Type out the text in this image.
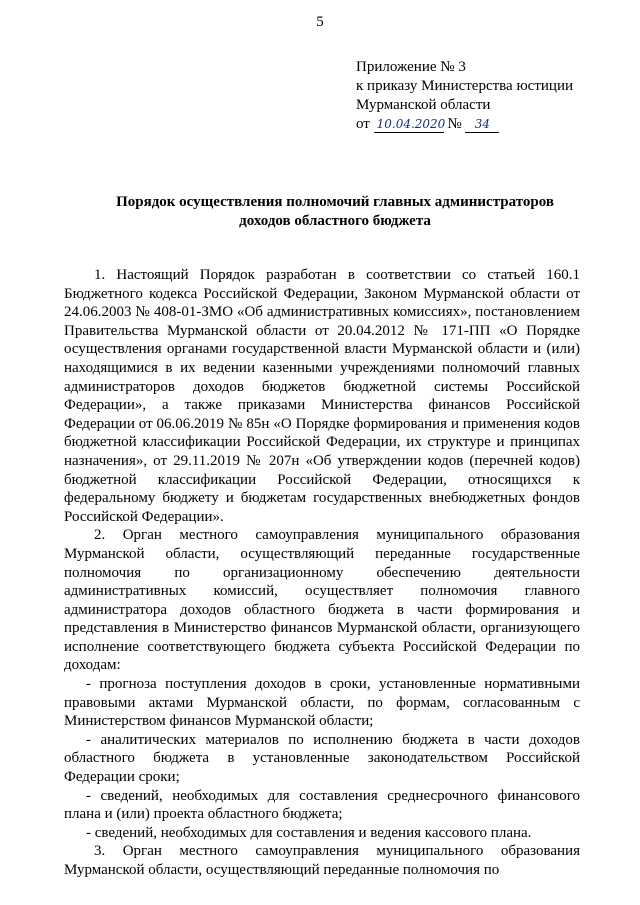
5
Приложение № 3
к приказу Министерства юстиции
Мурманской области
от 10.04.2020 № 34
Порядок осуществления полномочий главных администраторов
доходов областного бюджета

1. Настоящий Порядок разработан в соответствии со статьей 160.1 Бюджетного кодекса Российской Федерации, Законом Мурманской области от 24.06.2003 № 408-01-ЗМО «Об административных комиссиях», постановлением Правительства Мурманской области от 20.04.2012 № 171-ПП «О Порядке осуществления органами государственной власти Мурманской области и (или) находящимися в их ведении казенными учреждениями полномочий главных администраторов доходов бюджетов бюджетной системы Российской Федерации», а также приказами Министерства финансов Российской Федерации от 06.06.2019 № 85н «О Порядке формирования и применения кодов бюджетной классификации Российской Федерации, их структуре и принципах назначения», от 29.11.2019 № 207н «Об утверждении кодов (перечней кодов) бюджетной классификации Российской Федерации, относящихся к федеральному бюджету и бюджетам государственных внебюджетных фондов Российской Федерации».

2. Орган местного самоуправления муниципального образования Мурманской области, осуществляющий переданные государственные полномочия по организационному обеспечению деятельности административных комиссий, осуществляет полномочия главного администратора доходов областного бюджета в части формирования и представления в Министерство финансов Мурманской области, организующего исполнение соответствующего бюджета субъекта Российской Федерации по доходам:

- прогноза поступления доходов в сроки, установленные нормативными правовыми актами Мурманской области, по формам, согласованным с Министерством финансов Мурманской области;

- аналитических материалов по исполнению бюджета в части доходов областного бюджета в установленные законодательством Российской Федерации сроки;

- сведений, необходимых для составления среднесрочного финансового плана и (или) проекта областного бюджета;

- сведений, необходимых для составления и ведения кассового плана.

3. Орган местного самоуправления муниципального образования Мурманской области, осуществляющий переданные полномочия по
